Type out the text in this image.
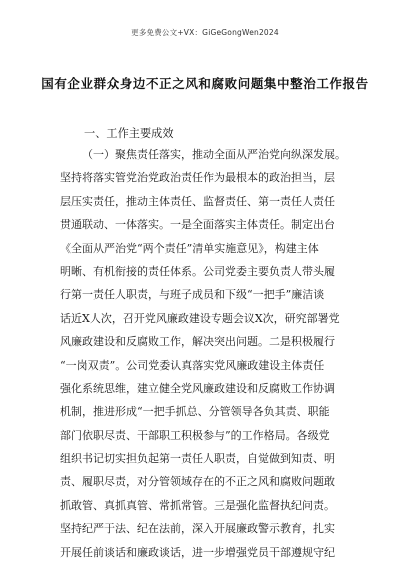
更多免费公文+VX：GiGeGongWen2024
国有企业群众身边不正之风和腐败问题集中整治工作报告
一、工作主要成效
（一）聚焦责任落实，推动全面从严治党向纵深发展。
坚持将落实管党治党政治责任作为最根本的政治担当，层
层压实责任，推动主体责任、监督责任、第一责任人责任
贯通联动、一体落实。一是全面落实主体责任。制定出台
《全面从严治党“两个责任”清单实施意见》，构建主体
明晰、有机衔接的责任体系。公司党委主要负责人带头履
行第一责任人职责，与班子成员和下级“一把手”廉洁谈
话近X人次，召开党风廉政建设专题会议X次，研究部署党
风廉政建设和反腐败工作，解决突出问题。二是积极履行
“一岗双责”。公司党委认真落实党风廉政建设主体责任
强化系统思维，建立健全党风廉政建设和反腐败工作协调
机制，推进形成“一把手抓总、分管领导各负其责、职能
部门依职尽责、干部职工积极参与”的工作格局。各级党
组织书记切实担负起第一责任人职责，自觉做到知责、明
责、履职尽责，对分管领域存在的不正之风和腐败问题敢
抓敢管、真抓真管、常抓常管。三是强化监督执纪问责。
坚持纪严于法、纪在法前，深入开展廉政警示教育，扎实
开展任前谈话和廉政谈话，进一步增强党员干部遵规守纪
